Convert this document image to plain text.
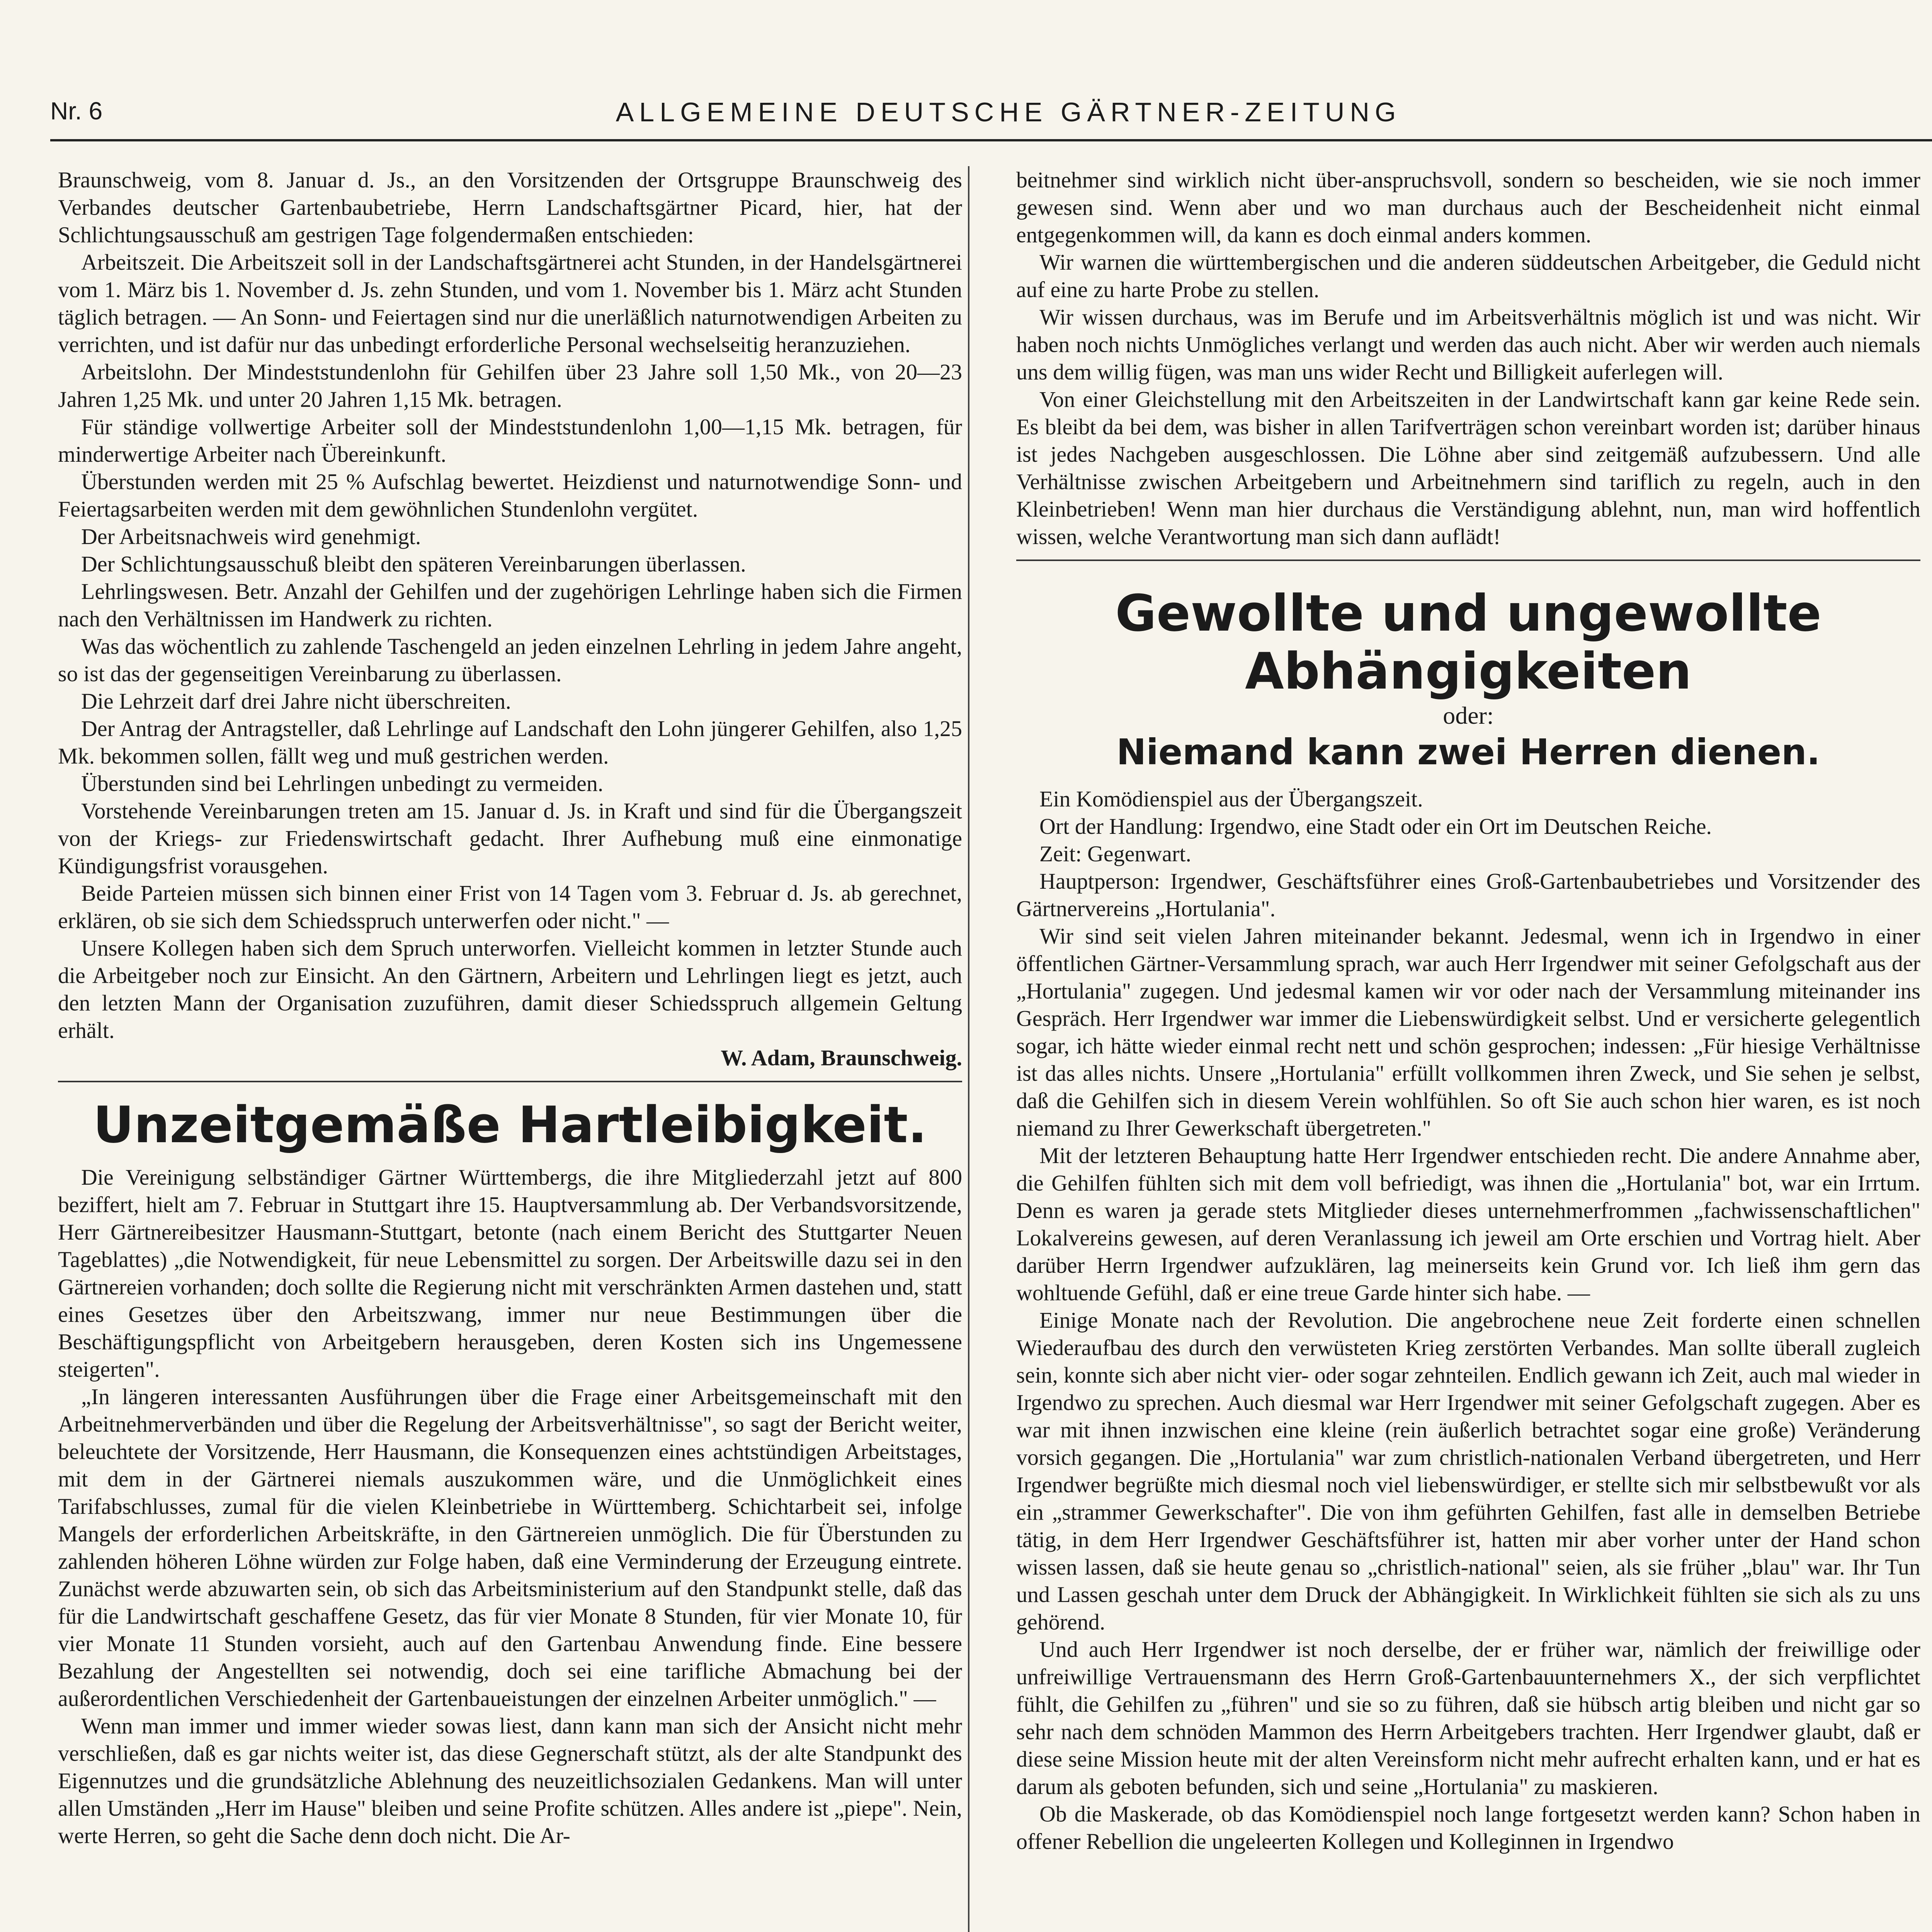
Nr. 6	ALLGEMEINE DEUTSCHE GÄRTNER-ZEITUNG

Braunschweig, vom 8. Januar d. Js., an den Vorsitzenden der Ortsgruppe Braunschweig des Verbandes deutscher Gartenbaubetriebe, Herrn Landschaftsgärtner Picard, hier, hat der Schlichtungsausschuß am gestrigen Tage folgendermaßen entschieden:

Arbeitszeit. Die Arbeitszeit soll in der Landschaftsgärtnerei acht Stunden, in der Handelsgärtnerei vom 1. März bis 1. November d. Js. zehn Stunden, und vom 1. November bis 1. März acht Stunden täglich betragen. — An Sonn- und Feiertagen sind nur die unerläßlich naturnotwendigen Arbeiten zu verrichten, und ist dafür nur das unbedingt erforderliche Personal wechselseitig heranzuziehen.

Arbeitslohn. Der Mindeststundenlohn für Gehilfen über 23 Jahre soll 1,50 Mk., von 20—23 Jahren 1,25 Mk. und unter 20 Jahren 1,15 Mk. betragen.

Für ständige vollwertige Arbeiter soll der Mindeststundenlohn 1,00—1,15 Mk. betragen, für minderwertige Arbeiter nach Übereinkunft.

Überstunden werden mit 25 % Aufschlag bewertet. Heizdienst und naturnotwendige Sonn- und Feiertagsarbeiten werden mit dem gewöhnlichen Stundenlohn vergütet.

Der Arbeitsnachweis wird genehmigt.

Der Schlichtungsausschuß bleibt den späteren Vereinbarungen überlassen.

Lehrlingswesen. Betr. Anzahl der Gehilfen und der zugehörigen Lehrlinge haben sich die Firmen nach den Verhältnissen im Handwerk zu richten.

Was das wöchentlich zu zahlende Taschengeld an jeden einzelnen Lehrling in jedem Jahre angeht, so ist das der gegenseitigen Vereinbarung zu überlassen.

Die Lehrzeit darf drei Jahre nicht überschreiten.

Der Antrag der Antragsteller, daß Lehrlinge auf Landschaft den Lohn jüngerer Gehilfen, also 1,25 Mk. bekommen sollen, fällt weg und muß gestrichen werden.

Überstunden sind bei Lehrlingen unbedingt zu vermeiden.

Vorstehende Vereinbarungen treten am 15. Januar d. Js. in Kraft und sind für die Übergangszeit von der Kriegs- zur Friedenswirtschaft gedacht. Ihrer Aufhebung muß eine einmonatige Kündigungsfrist vorausgehen.

Beide Parteien müssen sich binnen einer Frist von 14 Tagen vom 3. Februar d. Js. ab gerechnet, erklären, ob sie sich dem Schiedsspruch unterwerfen oder nicht." —

Unsere Kollegen haben sich dem Spruch unterworfen. Vielleicht kommen in letzter Stunde auch die Arbeitgeber noch zur Einsicht. An den Gärtnern, Arbeitern und Lehrlingen liegt es jetzt, auch den letzten Mann der Organisation zuzuführen, damit dieser Schiedsspruch allgemein Geltung erhält.

W. Adam, Braunschweig.

Unzeitgemäße Hartleibigkeit.

Die Vereinigung selbständiger Gärtner Württembergs, die ihre Mitgliederzahl jetzt auf 800 beziffert, hielt am 7. Februar in Stuttgart ihre 15. Hauptversammlung ab. Der Verbandsvorsitzende, Herr Gärtnereibesitzer Hausmann-Stuttgart, betonte (nach einem Bericht des Stuttgarter Neuen Tageblattes) „die Notwendigkeit, für neue Lebensmittel zu sorgen. Der Arbeitswille dazu sei in den Gärtnereien vorhanden; doch sollte die Regierung nicht mit verschränkten Armen dastehen und, statt eines Gesetzes über den Arbeitszwang, immer nur neue Bestimmungen über die Beschäftigungspflicht von Arbeitgebern herausgeben, deren Kosten sich ins Ungemessene steigerten".

„In längeren interessanten Ausführungen über die Frage einer Arbeitsgemeinschaft mit den Arbeitnehmerverbänden und über die Regelung der Arbeitsverhältnisse", so sagt der Bericht weiter, beleuchtete der Vorsitzende, Herr Hausmann, die Konsequenzen eines achtstündigen Arbeitstages, mit dem in der Gärtnerei niemals auszukommen wäre, und die Unmöglichkeit eines Tarifabschlusses, zumal für die vielen Kleinbetriebe in Württemberg. Schichtarbeit sei, infolge Mangels der erforderlichen Arbeitskräfte, in den Gärtnereien unmöglich. Die für Überstunden zu zahlenden höheren Löhne würden zur Folge haben, daß eine Verminderung der Erzeugung eintrete. Zunächst werde abzuwarten sein, ob sich das Arbeitsministerium auf den Standpunkt stelle, daß das für die Landwirtschaft geschaffene Gesetz, das für vier Monate 8 Stunden, für vier Monate 10, für vier Monate 11 Stunden vorsieht, auch auf den Gartenbau Anwendung finde. Eine bessere Bezahlung der Angestellten sei notwendig, doch sei eine tarifliche Abmachung bei der außerordentlichen Verschiedenheit der Gartenbaueistungen der einzelnen Arbeiter unmöglich." —

Wenn man immer und immer wieder sowas liest, dann kann man sich der Ansicht nicht mehr verschließen, daß es gar nichts weiter ist, das diese Gegnerschaft stützt, als der alte Standpunkt des Eigennutzes und die grundsätzliche Ablehnung des neuzeitlichsozialen Gedankens. Man will unter allen Umständen „Herr im Hause" bleiben und seine Profite schützen. Alles andere ist „piepe". Nein, werte Herren, so geht die Sache denn doch nicht. Die Ar-

beitnehmer sind wirklich nicht über-anspruchsvoll, sondern so bescheiden, wie sie noch immer gewesen sind. Wenn aber und wo man durchaus auch der Bescheidenheit nicht einmal entgegenkommen will, da kann es doch einmal anders kommen.

Wir warnen die württembergischen und die anderen süddeutschen Arbeitgeber, die Geduld nicht auf eine zu harte Probe zu stellen.

Wir wissen durchaus, was im Berufe und im Arbeitsverhältnis möglich ist und was nicht. Wir haben noch nichts Unmögliches verlangt und werden das auch nicht. Aber wir werden auch niemals uns dem willig fügen, was man uns wider Recht und Billigkeit auferlegen will.

Von einer Gleichstellung mit den Arbeitszeiten in der Landwirtschaft kann gar keine Rede sein. Es bleibt da bei dem, was bisher in allen Tarifverträgen schon vereinbart worden ist; darüber hinaus ist jedes Nachgeben ausgeschlossen. Die Löhne aber sind zeitgemäß aufzubessern. Und alle Verhältnisse zwischen Arbeitgebern und Arbeitnehmern sind tariflich zu regeln, auch in den Kleinbetrieben! Wenn man hier durchaus die Verständigung ablehnt, nun, man wird hoffentlich wissen, welche Verantwortung man sich dann auflädt!

Gewollte und ungewollte
Abhängigkeiten
oder:
Niemand kann zwei Herren dienen.

Ein Komödienspiel aus der Übergangszeit.

Ort der Handlung: Irgendwo, eine Stadt oder ein Ort im Deutschen Reiche.

Zeit: Gegenwart.

Hauptperson: Irgendwer, Geschäftsführer eines Groß-Gartenbaubetriebes und Vorsitzender des Gärtnervereins „Hortulania".

Wir sind seit vielen Jahren miteinander bekannt. Jedesmal, wenn ich in Irgendwo in einer öffentlichen Gärtner-Versammlung sprach, war auch Herr Irgendwer mit seiner Gefolgschaft aus der „Hortulania" zugegen. Und jedesmal kamen wir vor oder nach der Versammlung miteinander ins Gespräch. Herr Irgendwer war immer die Liebenswürdigkeit selbst. Und er versicherte gelegentlich sogar, ich hätte wieder einmal recht nett und schön gesprochen; indessen: „Für hiesige Verhältnisse ist das alles nichts. Unsere „Hortulania" erfüllt vollkommen ihren Zweck, und Sie sehen je selbst, daß die Gehilfen sich in diesem Verein wohlfühlen. So oft Sie auch schon hier waren, es ist noch niemand zu Ihrer Gewerkschaft übergetreten."

Mit der letzteren Behauptung hatte Herr Irgendwer entschieden recht. Die andere Annahme aber, die Gehilfen fühlten sich mit dem voll befriedigt, was ihnen die „Hortulania" bot, war ein Irrtum. Denn es waren ja gerade stets Mitglieder dieses unternehmerfrommen „fachwissenschaftlichen" Lokalvereins gewesen, auf deren Veranlassung ich jeweil am Orte erschien und Vortrag hielt. Aber darüber Herrn Irgendwer aufzuklären, lag meinerseits kein Grund vor. Ich ließ ihm gern das wohltuende Gefühl, daß er eine treue Garde hinter sich habe. —

Einige Monate nach der Revolution. Die angebrochene neue Zeit forderte einen schnellen Wiederaufbau des durch den verwüsteten Krieg zerstörten Verbandes. Man sollte überall zugleich sein, konnte sich aber nicht vier- oder sogar zehnteilen. Endlich gewann ich Zeit, auch mal wieder in Irgendwo zu sprechen. Auch diesmal war Herr Irgendwer mit seiner Gefolgschaft zugegen. Aber es war mit ihnen inzwischen eine kleine (rein äußerlich betrachtet sogar eine große) Veränderung vorsich gegangen. Die „Hortulania" war zum christlich-nationalen Verband übergetreten, und Herr Irgendwer begrüßte mich diesmal noch viel liebenswürdiger, er stellte sich mir selbstbewußt vor als ein „strammer Gewerkschafter". Die von ihm geführten Gehilfen, fast alle in demselben Betriebe tätig, in dem Herr Irgendwer Geschäftsführer ist, hatten mir aber vorher unter der Hand schon wissen lassen, daß sie heute genau so „christlich-national" seien, als sie früher „blau" war. Ihr Tun und Lassen geschah unter dem Druck der Abhängigkeit. In Wirklichkeit fühlten sie sich als zu uns gehörend.

Und auch Herr Irgendwer ist noch derselbe, der er früher war, nämlich der freiwillige oder unfreiwillige Vertrauensmann des Herrn Groß-Gartenbauunternehmers X., der sich verpflichtet fühlt, die Gehilfen zu „führen" und sie so zu führen, daß sie hübsch artig bleiben und nicht gar so sehr nach dem schnöden Mammon des Herrn Arbeitgebers trachten. Herr Irgendwer glaubt, daß er diese seine Mission heute mit der alten Vereinsform nicht mehr aufrecht erhalten kann, und er hat es darum als geboten befunden, sich und seine „Hortulania" zu maskieren.

Ob die Maskerade, ob das Komödienspiel noch lange fortgesetzt werden kann? Schon haben in offener Rebellion die ungeleerten Kollegen und Kolleginnen in Irgendwo
